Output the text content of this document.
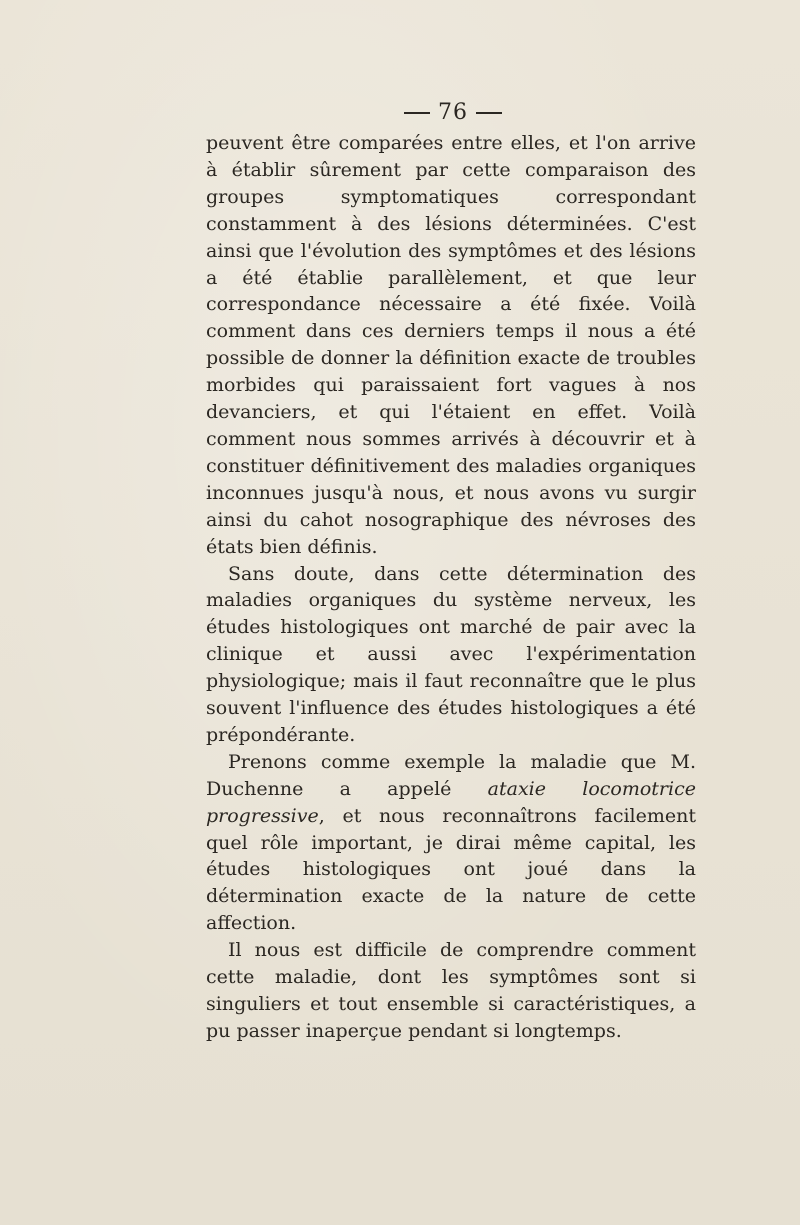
76

peuvent être comparées entre elles, et l'on arrive à établir sûrement par cette comparaison des groupes symptomatiques correspondant constamment à des lésions déterminées. C'est ainsi que l'évolution des symptômes et des lésions a été établie parallèlement, et que leur correspondance nécessaire a été fixée. Voilà comment dans ces derniers temps il nous a été possible de donner la définition exacte de troubles morbides qui paraissaient fort vagues à nos devanciers, et qui l'étaient en effet. Voilà comment nous sommes arrivés à découvrir et à constituer définitivement des maladies organiques inconnues jusqu'à nous, et nous avons vu surgir ainsi du cahot nosographique des névroses des états bien définis.

Sans doute, dans cette détermination des maladies organiques du système nerveux, les études histologiques ont marché de pair avec la clinique et aussi avec l'expérimentation physiologique; mais il faut reconnaître que le plus souvent l'influence des études histologiques a été prépondérante.

Prenons comme exemple la maladie que M. Duchenne a appelé ataxie locomotrice progressive, et nous reconnaîtrons facilement quel rôle important, je dirai même capital, les études histologiques ont joué dans la détermination exacte de la nature de cette affection.

Il nous est difficile de comprendre comment cette maladie, dont les symptômes sont si singuliers et tout ensemble si caractéristiques, a pu passer inaperçue pendant si longtemps.
